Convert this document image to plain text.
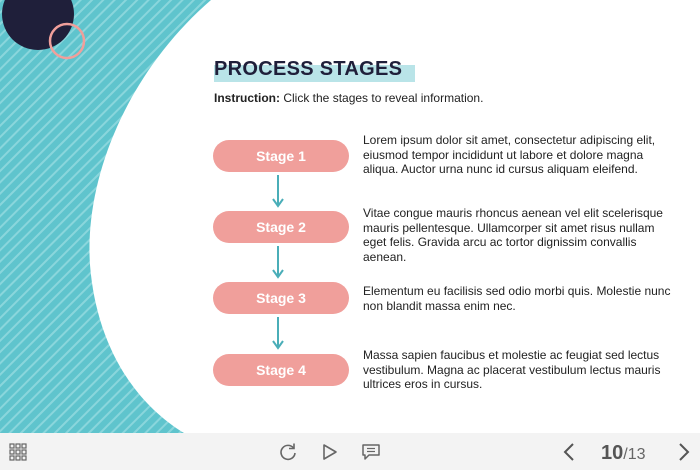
PROCESS STAGES
Instruction: Click the stages to reveal information.
Stage 1
Stage 2
Stage 3
Stage 4
Lorem ipsum dolor sit amet, consectetur adipiscing elit, eiusmod tempor incididunt ut labore et dolore magna aliqua. Auctor urna nunc id cursus aliquam eleifend.
Vitae congue mauris rhoncus aenean vel elit scelerisque mauris pellentesque. Ullamcorper sit amet risus nullam eget felis. Gravida arcu ac tortor dignissim convallis aenean.
Elementum eu facilisis sed odio morbi quis. Molestie nunc non blandit massa enim nec.
Massa sapien faucibus et molestie ac feugiat sed lectus vestibulum. Magna ac placerat vestibulum lectus mauris ultrices eros in cursus.
10/13
